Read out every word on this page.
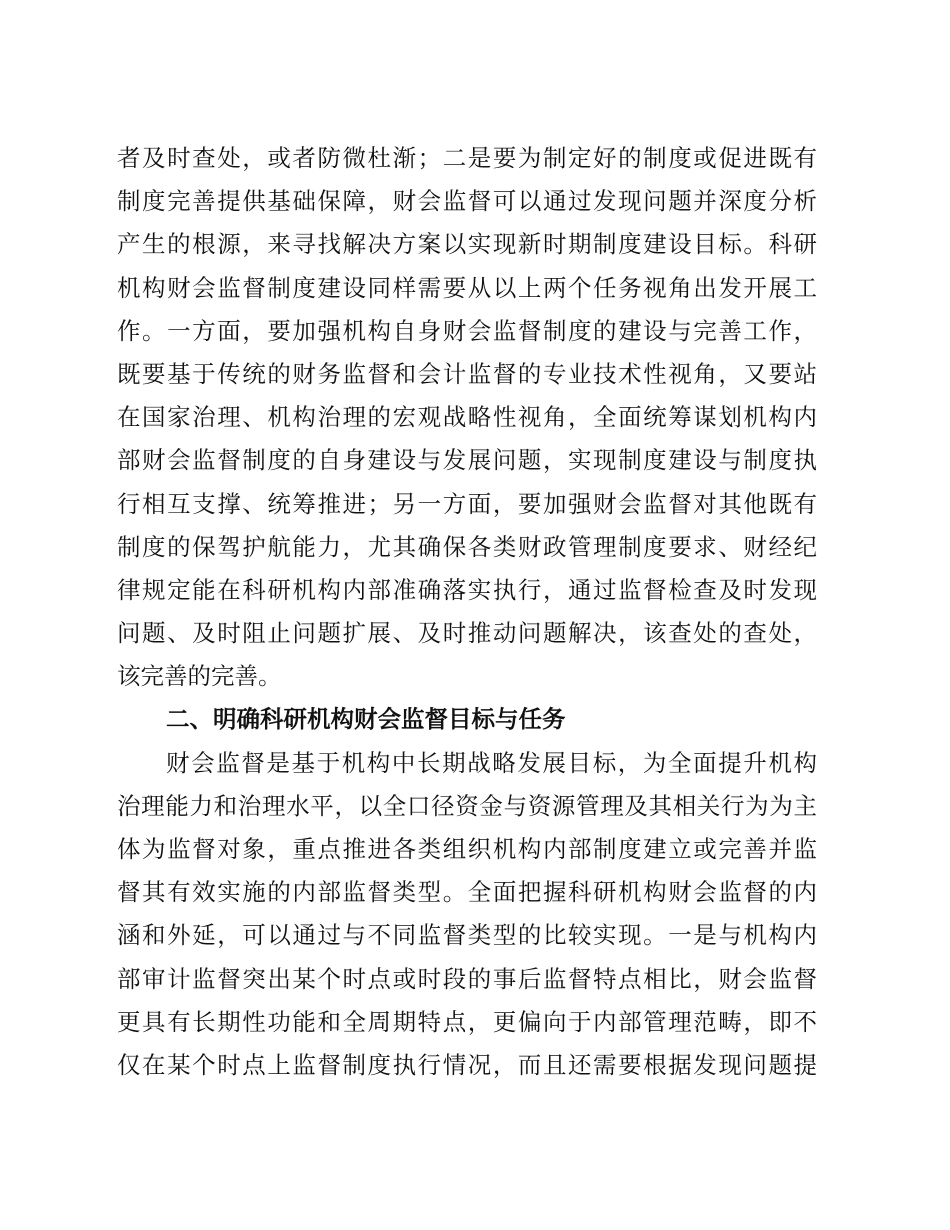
者及时查处，或者防微杜渐；二是要为制定好的制度或促进既有
制度完善提供基础保障，财会监督可以通过发现问题并深度分析
产生的根源，来寻找解决方案以实现新时期制度建设目标。科研
机构财会监督制度建设同样需要从以上两个任务视角出发开展工
作。一方面，要加强机构自身财会监督制度的建设与完善工作，
既要基于传统的财务监督和会计监督的专业技术性视角，又要站
在国家治理、机构治理的宏观战略性视角，全面统筹谋划机构内
部财会监督制度的自身建设与发展问题，实现制度建设与制度执
行相互支撑、统筹推进；另一方面，要加强财会监督对其他既有
制度的保驾护航能力，尤其确保各类财政管理制度要求、财经纪
律规定能在科研机构内部准确落实执行，通过监督检查及时发现
问题、及时阻止问题扩展、及时推动问题解决，该查处的查处，
该完善的完善。
二、明确科研机构财会监督目标与任务
财会监督是基于机构中长期战略发展目标，为全面提升机构
治理能力和治理水平，以全口径资金与资源管理及其相关行为为主
体为监督对象，重点推进各类组织机构内部制度建立或完善并监
督其有效实施的内部监督类型。全面把握科研机构财会监督的内
涵和外延，可以通过与不同监督类型的比较实现。一是与机构内
部审计监督突出某个时点或时段的事后监督特点相比，财会监督
更具有长期性功能和全周期特点，更偏向于内部管理范畴，即不
仅在某个时点上监督制度执行情况，而且还需要根据发现问题提
